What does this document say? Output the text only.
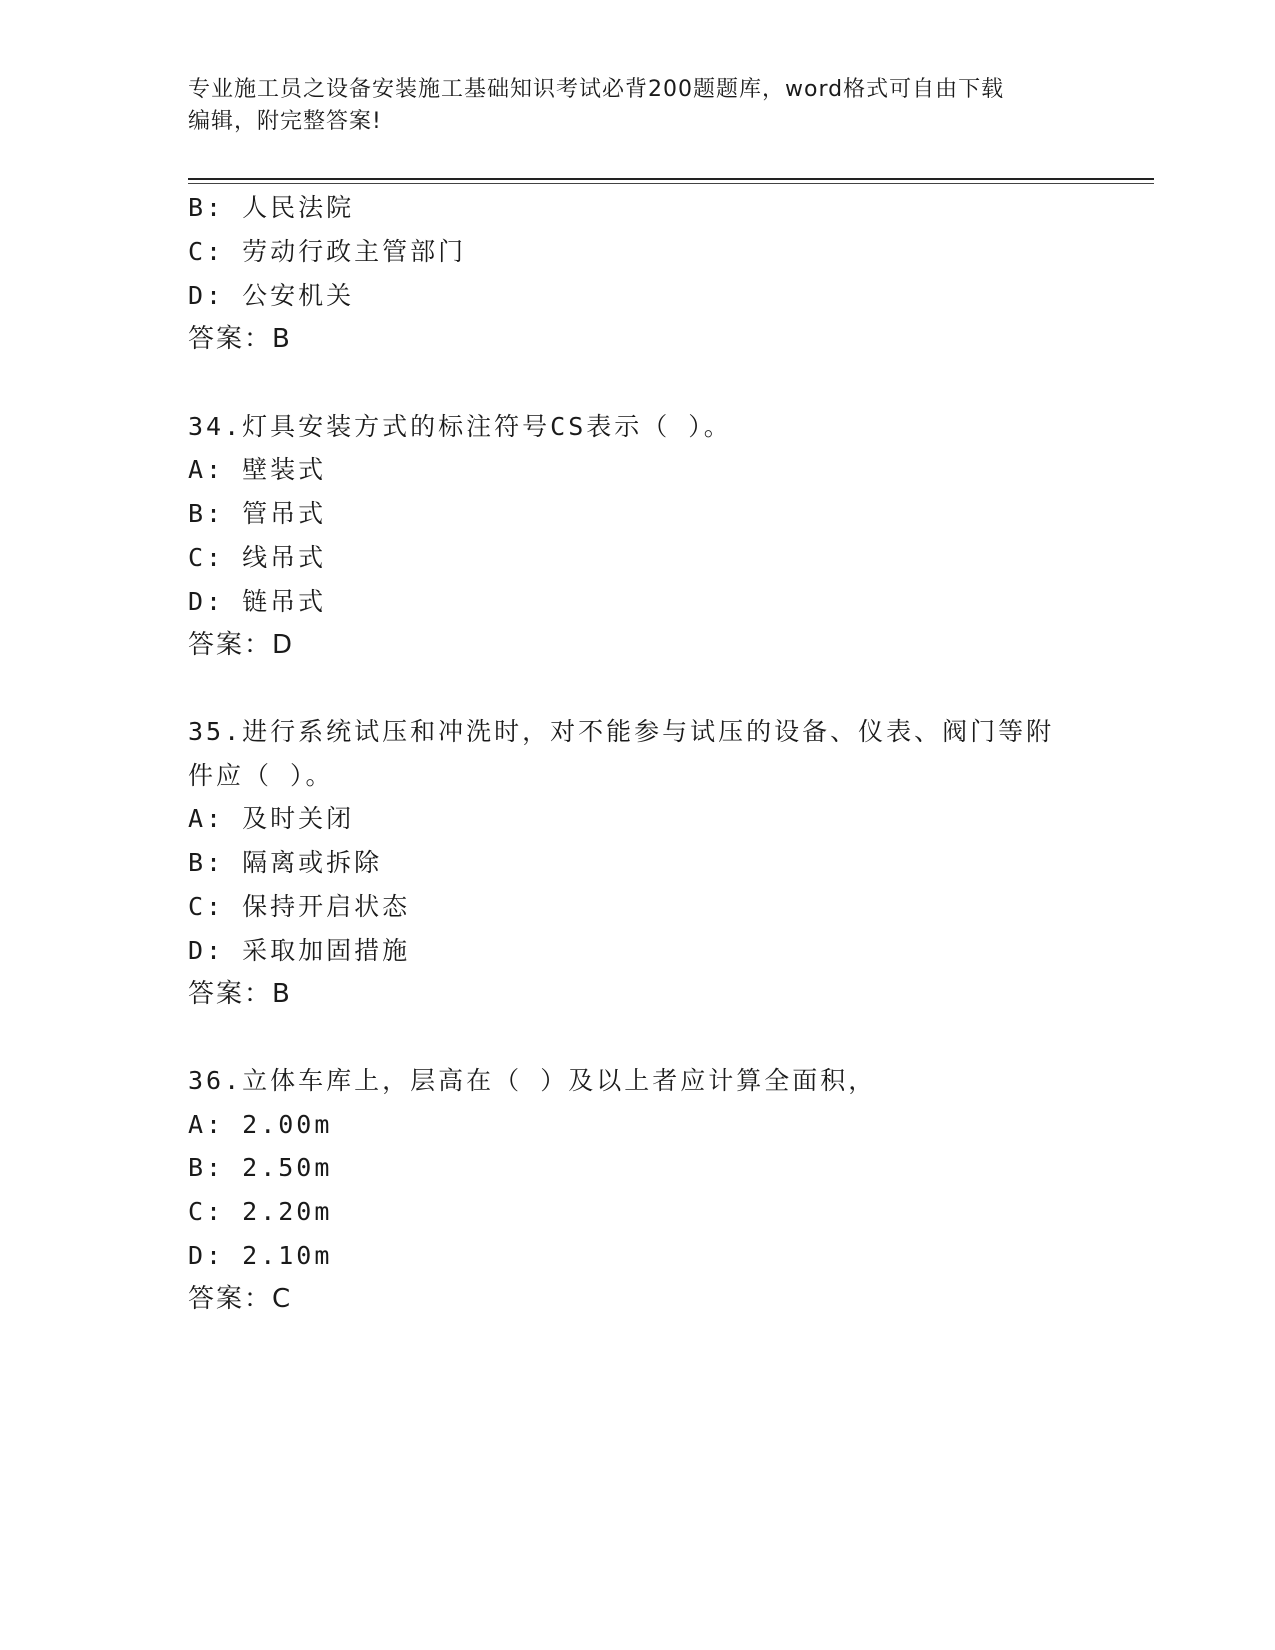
专业施工员之设备安装施工基础知识考试必背200题题库，word格式可自由下载
编辑，附完整答案!
B: 人民法院
C: 劳动行政主管部门
D: 公安机关
答案：B
34.灯具安装方式的标注符号CS表示（ ）。
A: 壁装式
B: 管吊式
C: 线吊式
D: 链吊式
答案：D
35.进行系统试压和冲洗时，对不能参与试压的设备、仪表、阀门等附
件应（ ）。
A: 及时关闭
B: 隔离或拆除
C: 保持开启状态
D: 采取加固措施
答案：B
36.立体车库上，层高在（ ）及以上者应计算全面积，
A: 2.00m
B: 2.50m
C: 2.20m
D: 2.10m
答案：C
